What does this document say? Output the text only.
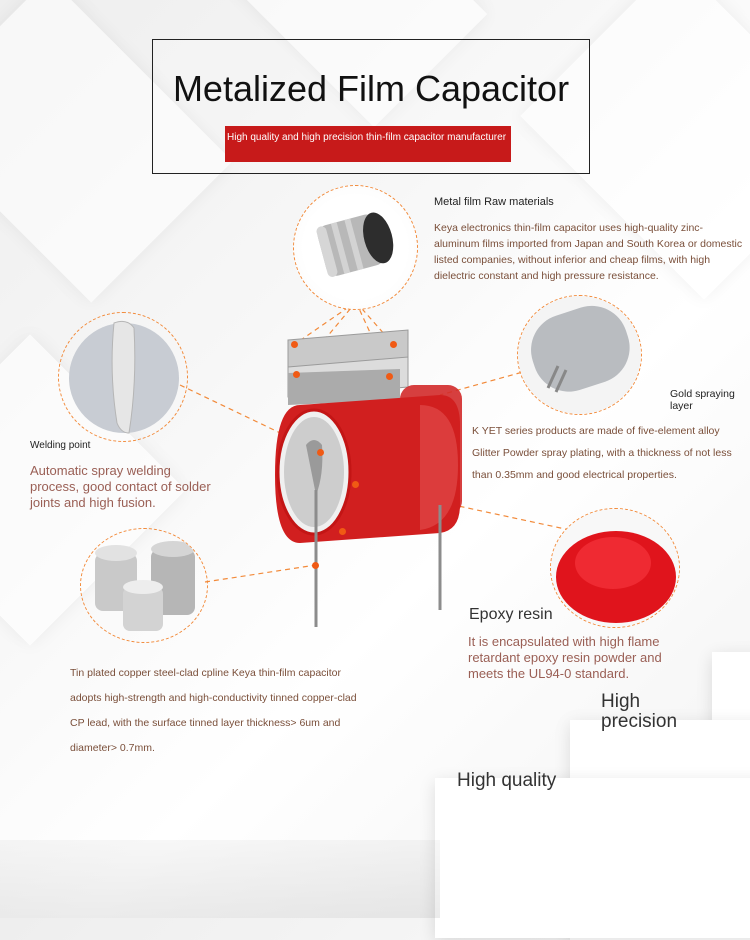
Metalized Film Capacitor
High quality and high precision thin-film capacitor manufacturer
Metal film Raw materials
Keya electronics thin-film capacitor uses high-quality zinc-aluminum films imported from Japan and South Korea or domestic listed companies, without inferior and cheap films, with high dielectric constant and high pressure resistance.
Gold spraying layer
K YET series products are made of five-element alloy Glitter Powder spray plating, with a thickness of not less than 0.35mm and good electrical properties.
Welding point
Automatic spray welding process, good contact of solder joints and high fusion.
Tin plated copper steel-clad cpline Keya thin-film capacitor adopts high-strength and high-conductivity tinned copper-clad CP lead, with the surface tinned layer thickness> 6um and diameter> 0.7mm.
Epoxy resin
It is encapsulated with high flame retardant epoxy resin powder and meets the UL94-0 standard.
High precision
High quality
